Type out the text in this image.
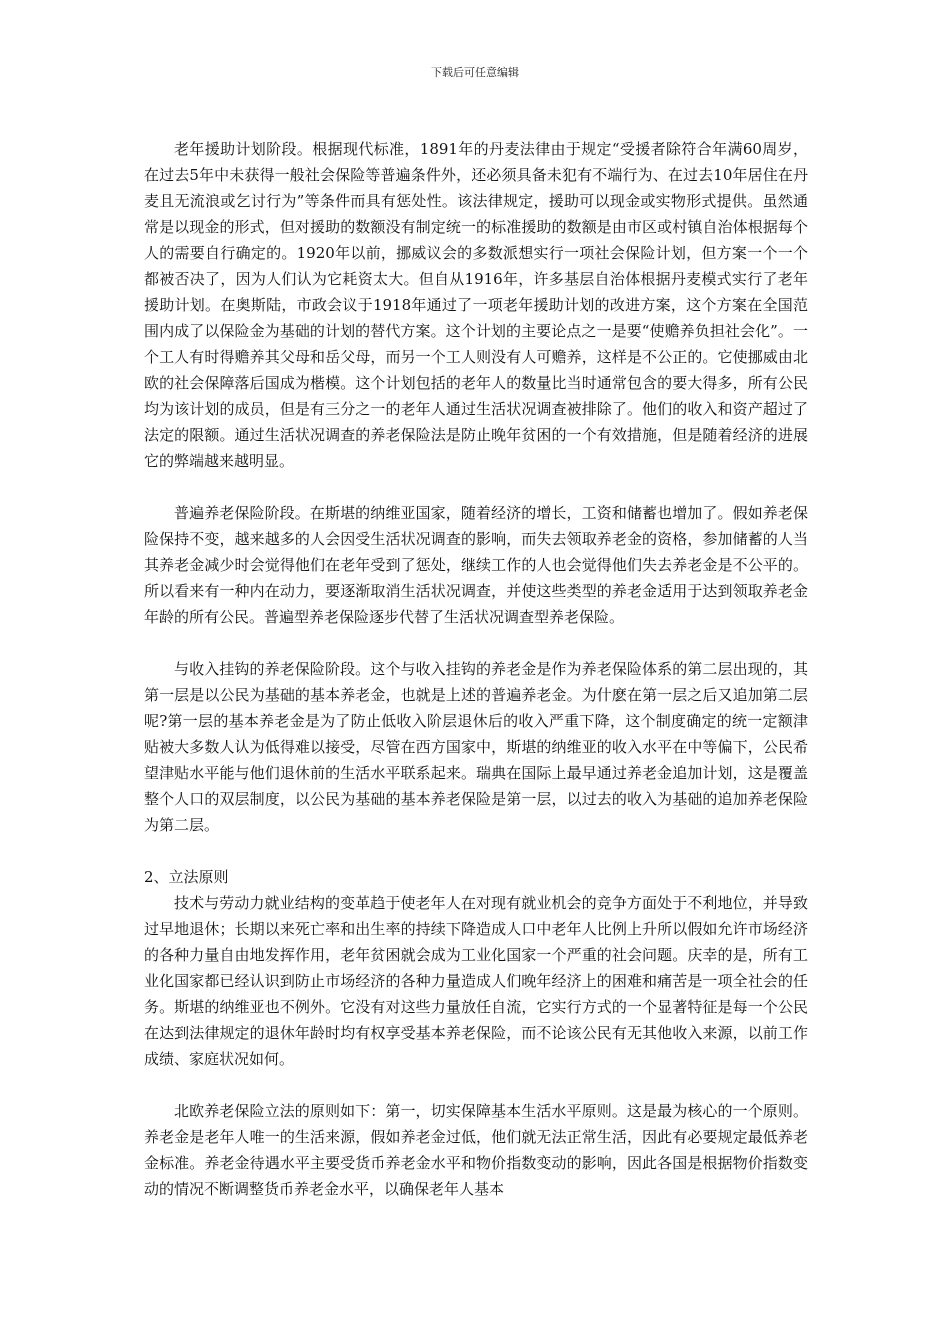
下载后可任意编辑

老年援助计划阶段。根据现代标准，1891年的丹麦法律由于规定“受援者除符合年满60周岁，在过去5年中未获得一般社会保险等普遍条件外，还必须具备未犯有不端行为、在过去10年居住在丹麦且无流浪或乞讨行为”等条件而具有惩处性。该法律规定，援助可以现金或实物形式提供。虽然通常是以现金的形式，但对援助的数额没有制定统一的标准援助的数额是由市区或村镇自治体根据每个人的需要自行确定的。1920年以前，挪威议会的多数派想实行一项社会保险计划，但方案一个一个都被否决了，因为人们认为它耗资太大。但自从1916年，许多基层自治体根据丹麦模式实行了老年援助计划。在奥斯陆，市政会议于1918年通过了一项老年援助计划的改进方案，这个方案在全国范围内成了以保险金为基础的计划的替代方案。这个计划的主要论点之一是要“使赡养负担社会化”。一个工人有时得赡养其父母和岳父母，而另一个工人则没有人可赡养，这样是不公正的。它使挪威由北欧的社会保障落后国成为楷模。这个计划包括的老年人的数量比当时通常包含的要大得多，所有公民均为该计划的成员，但是有三分之一的老年人通过生活状况调查被排除了。他们的收入和资产超过了法定的限额。通过生活状况调查的养老保险法是防止晚年贫困的一个有效措施，但是随着经济的进展它的弊端越来越明显。

普遍养老保险阶段。在斯堪的纳维亚国家，随着经济的增长，工资和储蓄也增加了。假如养老保险保持不变，越来越多的人会因受生活状况调查的影响，而失去领取养老金的资格，参加储蓄的人当其养老金减少时会觉得他们在老年受到了惩处，继续工作的人也会觉得他们失去养老金是不公平的。所以看来有一种内在动力，要逐渐取消生活状况调查，并使这些类型的养老金适用于达到领取养老金年龄的所有公民。普遍型养老保险逐步代替了生活状况调查型养老保险。

与收入挂钩的养老保险阶段。这个与收入挂钩的养老金是作为养老保险体系的第二层出现的，其第一层是以公民为基础的基本养老金，也就是上述的普遍养老金。为什麽在第一层之后又追加第二层呢?第一层的基本养老金是为了防止低收入阶层退休后的收入严重下降，这个制度确定的统一定额津贴被大多数人认为低得难以接受，尽管在西方国家中，斯堪的纳维亚的收入水平在中等偏下，公民希望津贴水平能与他们退休前的生活水平联系起来。瑞典在国际上最早通过养老金追加计划，这是覆盖整个人口的双层制度，以公民为基础的基本养老保险是第一层，以过去的收入为基础的追加养老保险为第二层。

2、立法原则

技术与劳动力就业结构的变革趋于使老年人在对现有就业机会的竞争方面处于不利地位，并导致过早地退休；长期以来死亡率和出生率的持续下降造成人口中老年人比例上升所以假如允许市场经济的各种力量自由地发挥作用，老年贫困就会成为工业化国家一个严重的社会问题。庆幸的是，所有工业化国家都已经认识到防止市场经济的各种力量造成人们晚年经济上的困难和痛苦是一项全社会的任务。斯堪的纳维亚也不例外。它没有对这些力量放任自流，它实行方式的一个显著特征是每一个公民在达到法律规定的退休年龄时均有权享受基本养老保险，而不论该公民有无其他收入来源，以前工作成绩、家庭状况如何。

北欧养老保险立法的原则如下：第一，切实保障基本生活水平原则。这是最为核心的一个原则。养老金是老年人唯一的生活来源，假如养老金过低，他们就无法正常生活，因此有必要规定最低养老金标准。养老金待遇水平主要受货币养老金水平和物价指数变动的影响，因此各国是根据物价指数变动的情况不断调整货币养老金水平，以确保老年人基本
